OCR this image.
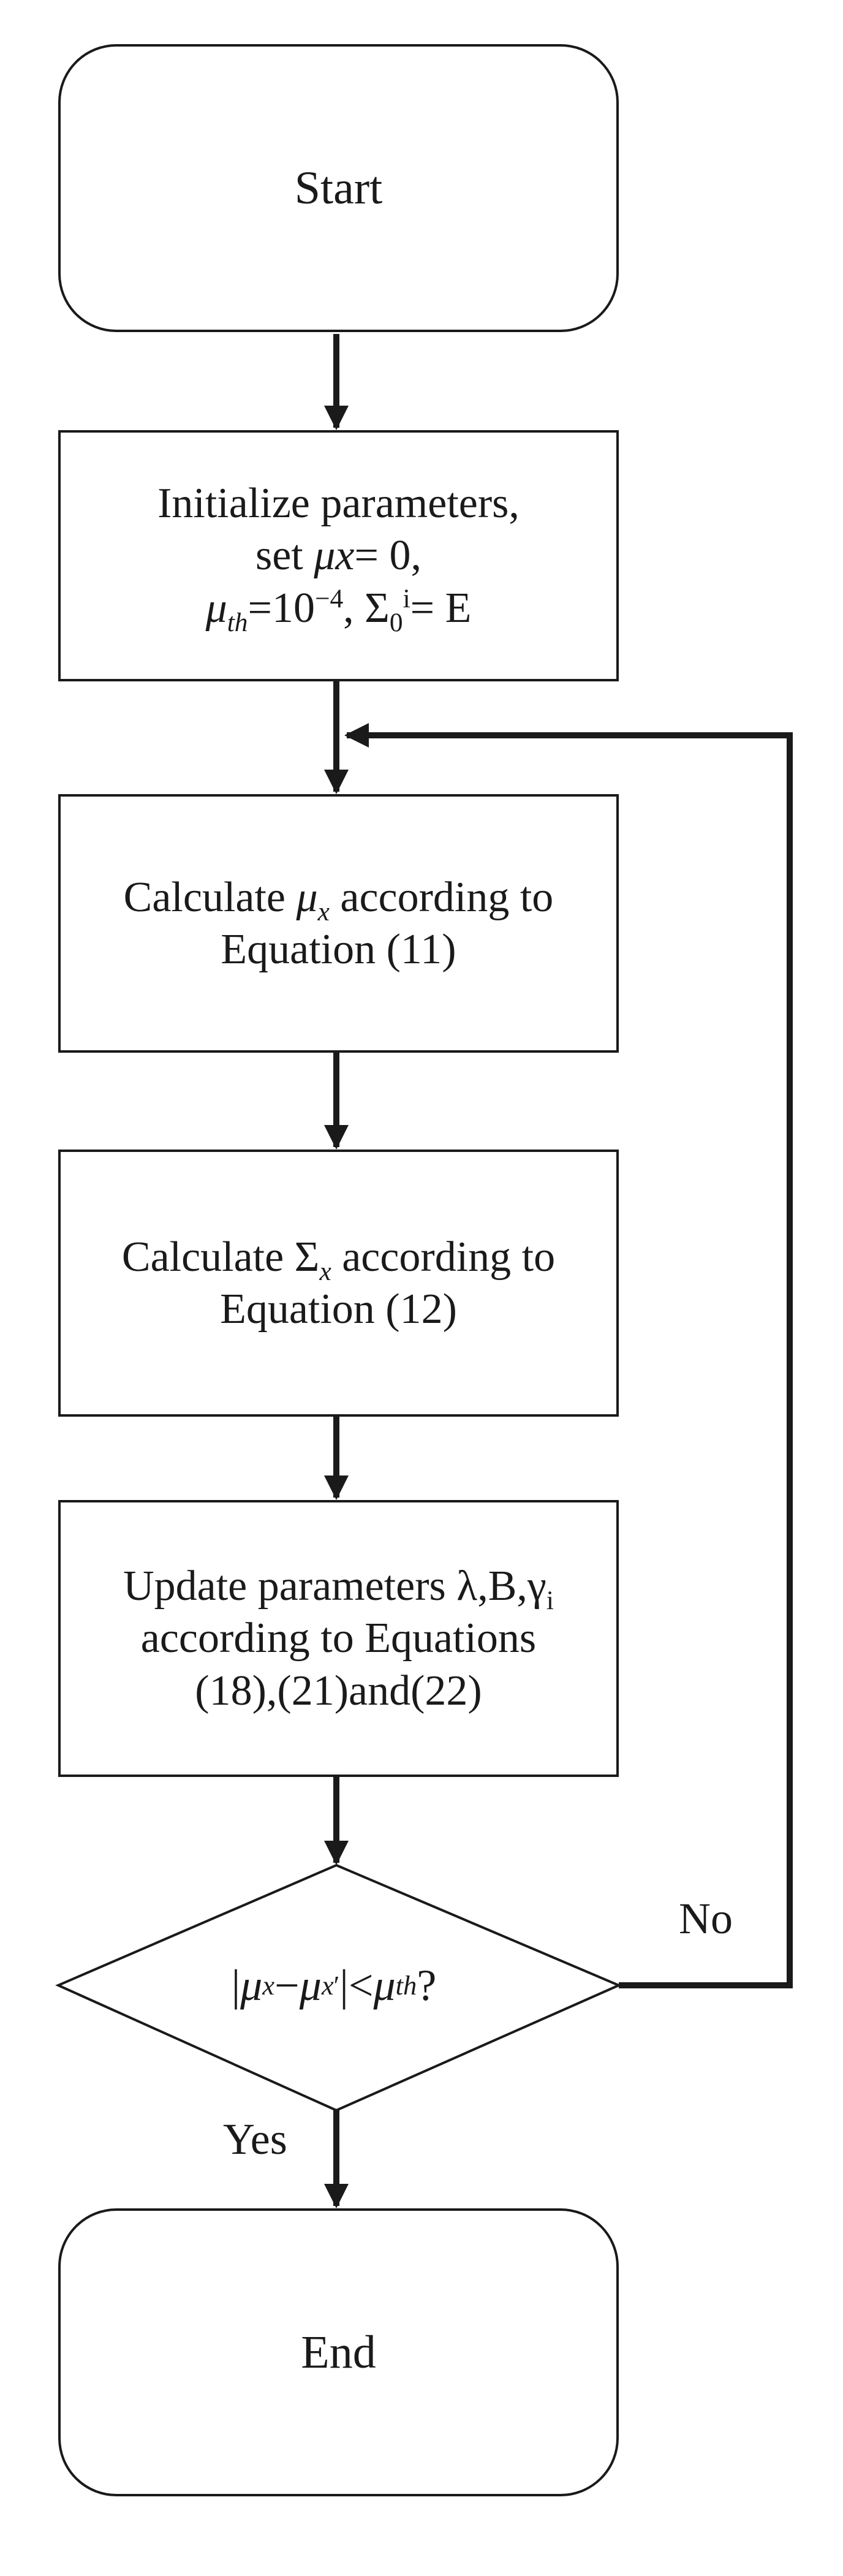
Start
Initialize parameters,
set μx= 0,
$\mu_{th}=10^{-4}$, $\Sigma_0^i= E$
Calculate $\mu_x$ according to
Equation (11)
Calculate $\Sigma_x$ according to
Equation (12)
Update parameters $\lambda,B,\gamma_i$
according to Equations
(18),(21)and(22)
| μ x − μ x ′ |< μ th ?
No
Yes
End
